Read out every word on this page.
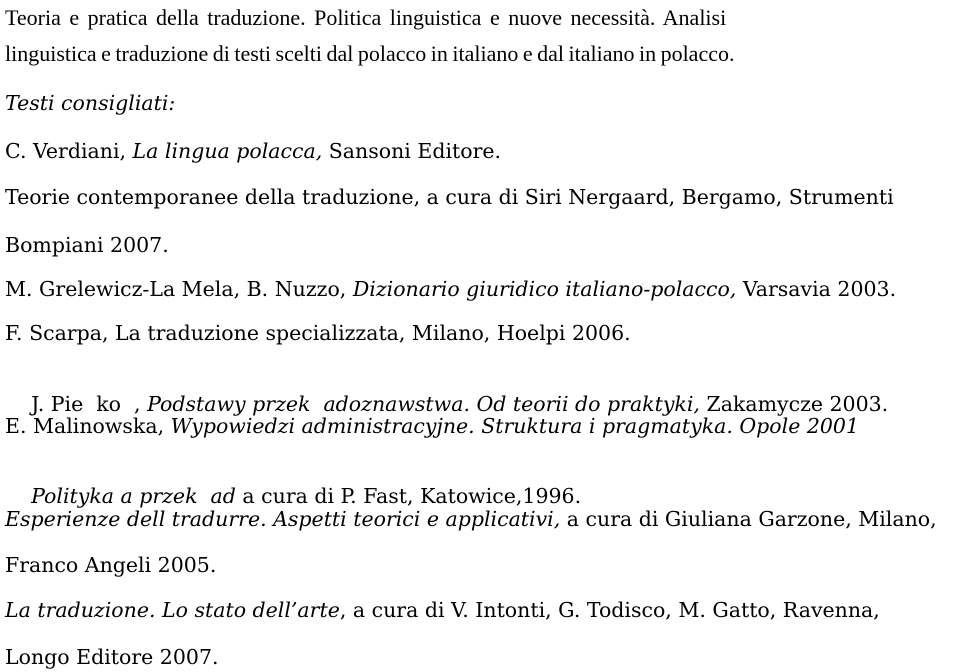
Teoria e pratica della traduzione. Politica linguistica e nuove necessità. Analisi
linguistica e traduzione di testi scelti dal polacco in italiano e dal italiano in polacco.
Testi consigliati:
C. Verdiani, La lingua polacca, Sansoni Editore.
Teorie contemporanee della traduzione, a cura di Siri Nergaard, Bergamo, Strumenti
Bompiani 2007.
M. Grelewicz-La Mela, B. Nuzzo, Dizionario giuridico italiano-polacco, Varsavia 2003.
F. Scarpa, La traduzione specializzata, Milano, Hoelpi 2006.

J. Pie  ko  , Podstawy przek  adoznawstwa. Od teorii do praktyki, Zakamycze 2003.

E. Malinowska, Wypowiedzi administracyjne. Struktura i pragmatyka. Opole 2001

Polityka a przek  ad a cura di P. Fast, Katowice,1996.

Esperienze dell tradurre. Aspetti teorici e applicativi, a cura di Giuliana Garzone, Milano,
Franco Angeli 2005.
La traduzione. Lo stato dell’arte, a cura di V. Intonti, G. Todisco, M. Gatto, Ravenna,
Longo Editore 2007.
